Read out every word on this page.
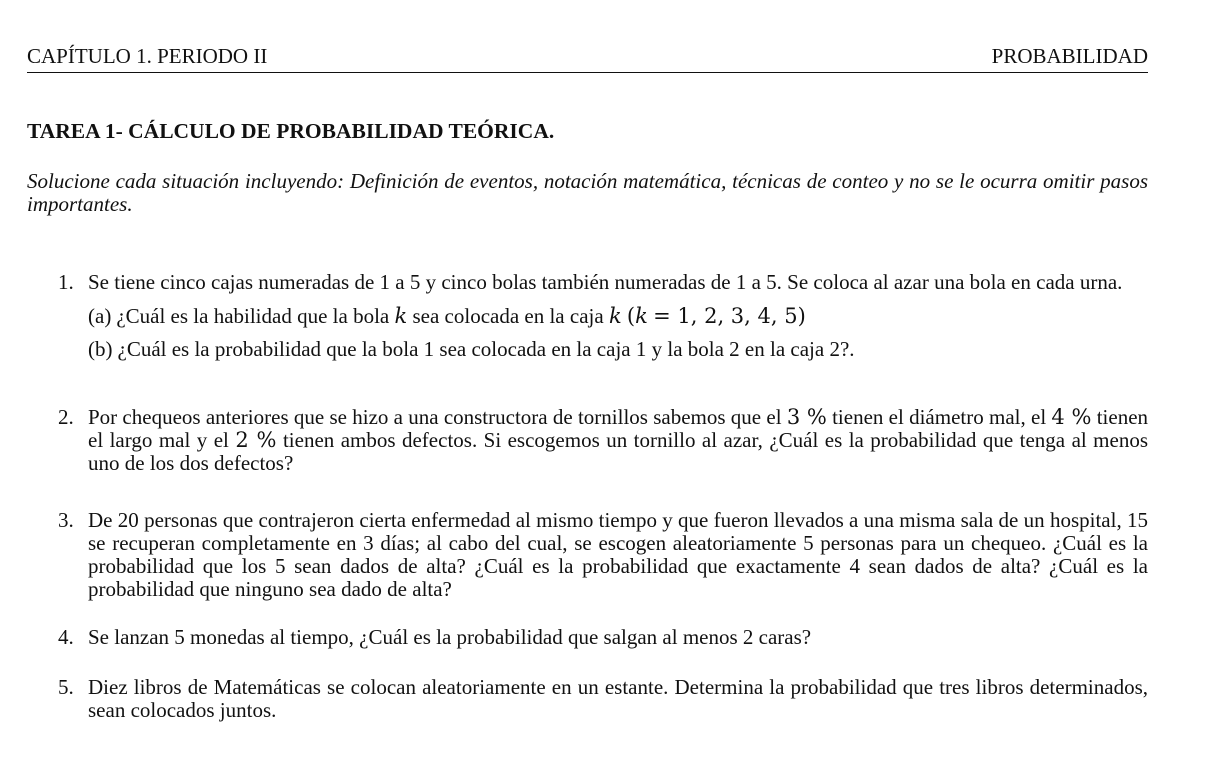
CAPÍTULO 1. PERIODO II	PROBABILIDAD
TAREA 1- CÁLCULO DE PROBABILIDAD TEÓRICA.
Solucione cada situación incluyendo: Definición de eventos, notación matemática, técnicas de conteo y no se le ocurra omitir pasos importantes.
1. Se tiene cinco cajas numeradas de 1 a 5 y cinco bolas también numeradas de 1 a 5. Se coloca al azar una bola en cada urna.
(a) ¿Cuál es la habilidad que la bola k sea colocada en la caja k (k = 1, 2, 3, 4, 5)
(b) ¿Cuál es la probabilidad que la bola 1 sea colocada en la caja 1 y la bola 2 en la caja 2?.
2. Por chequeos anteriores que se hizo a una constructora de tornillos sabemos que el 3 % tienen el diámetro mal, el 4 % tienen el largo mal y el 2 % tienen ambos defectos. Si escogemos un tornillo al azar, ¿Cuál es la probabilidad que tenga al menos uno de los dos defectos?
3. De 20 personas que contrajeron cierta enfermedad al mismo tiempo y que fueron llevados a una misma sala de un hospital, 15 se recuperan completamente en 3 días; al cabo del cual, se escogen aleatoriamente 5 personas para un chequeo. ¿Cuál es la probabilidad que los 5 sean dados de alta? ¿Cuál es la probabilidad que exactamente 4 sean dados de alta? ¿Cuál es la probabilidad que ninguno sea dado de alta?
4. Se lanzan 5 monedas al tiempo, ¿Cuál es la probabilidad que salgan al menos 2 caras?
5. Diez libros de Matemáticas se colocan aleatoriamente en un estante. Determina la probabilidad que tres libros determinados, sean colocados juntos.
